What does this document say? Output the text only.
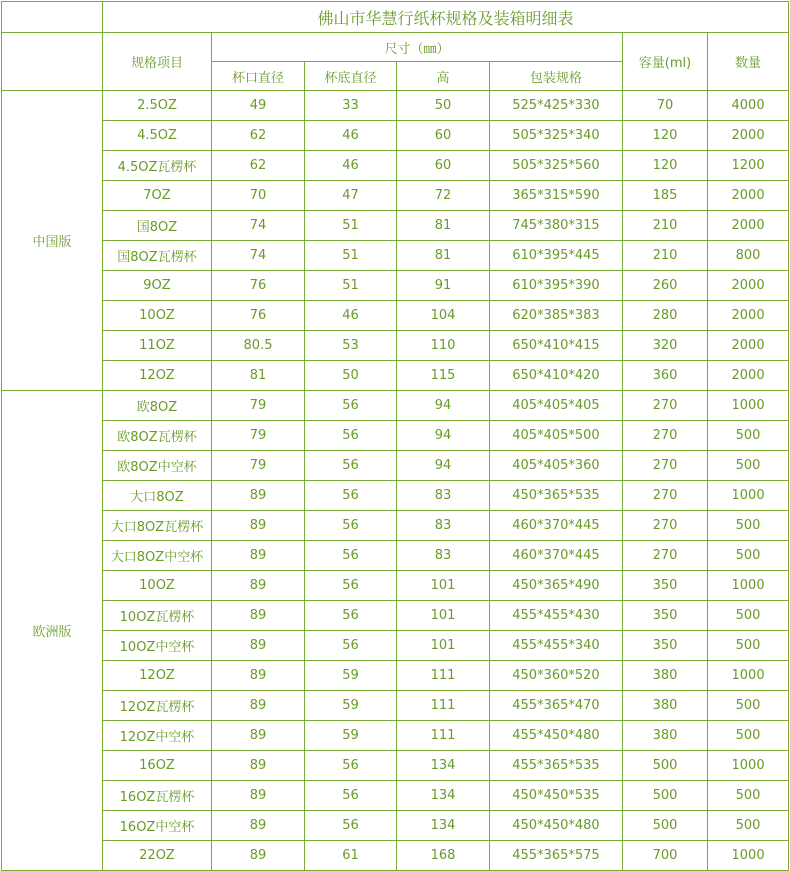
	佛山市华慧行纸杯规格及装箱明细表						
	规格项目	尺寸（㎜）				容量(ml)	数量
		杯口直径	杯底直径	高	包装规格		
中国版	2.5OZ	49	33	50	525*425*330	70	4000
	4.5OZ	62	46	60	505*325*340	120	2000
	4.5OZ瓦楞杯	62	46	60	505*325*560	120	1200
	7OZ	70	47	72	365*315*590	185	2000
	国8OZ	74	51	81	745*380*315	210	2000
	国8OZ瓦楞杯	74	51	81	610*395*445	210	800
	9OZ	76	51	91	610*395*390	260	2000
	10OZ	76	46	104	620*385*383	280	2000
	11OZ	80.5	53	110	650*410*415	320	2000
	12OZ	81	50	115	650*410*420	360	2000
欧洲版	欧8OZ	79	56	94	405*405*405	270	1000
	欧8OZ瓦楞杯	79	56	94	405*405*500	270	500
	欧8OZ中空杯	79	56	94	405*405*360	270	500
	大口8OZ	89	56	83	450*365*535	270	1000
	大口8OZ瓦楞杯	89	56	83	460*370*445	270	500
	大口8OZ中空杯	89	56	83	460*370*445	270	500
	10OZ	89	56	101	450*365*490	350	1000
	10OZ瓦楞杯	89	56	101	455*455*430	350	500
	10OZ中空杯	89	56	101	455*455*340	350	500
	12OZ	89	59	111	450*360*520	380	1000
	12OZ瓦楞杯	89	59	111	455*365*470	380	500
	12OZ中空杯	89	59	111	455*450*480	380	500
	16OZ	89	56	134	455*365*535	500	1000
	16OZ瓦楞杯	89	56	134	450*450*535	500	500
	16OZ中空杯	89	56	134	450*450*480	500	500
	22OZ	89	61	168	455*365*575	700	1000
